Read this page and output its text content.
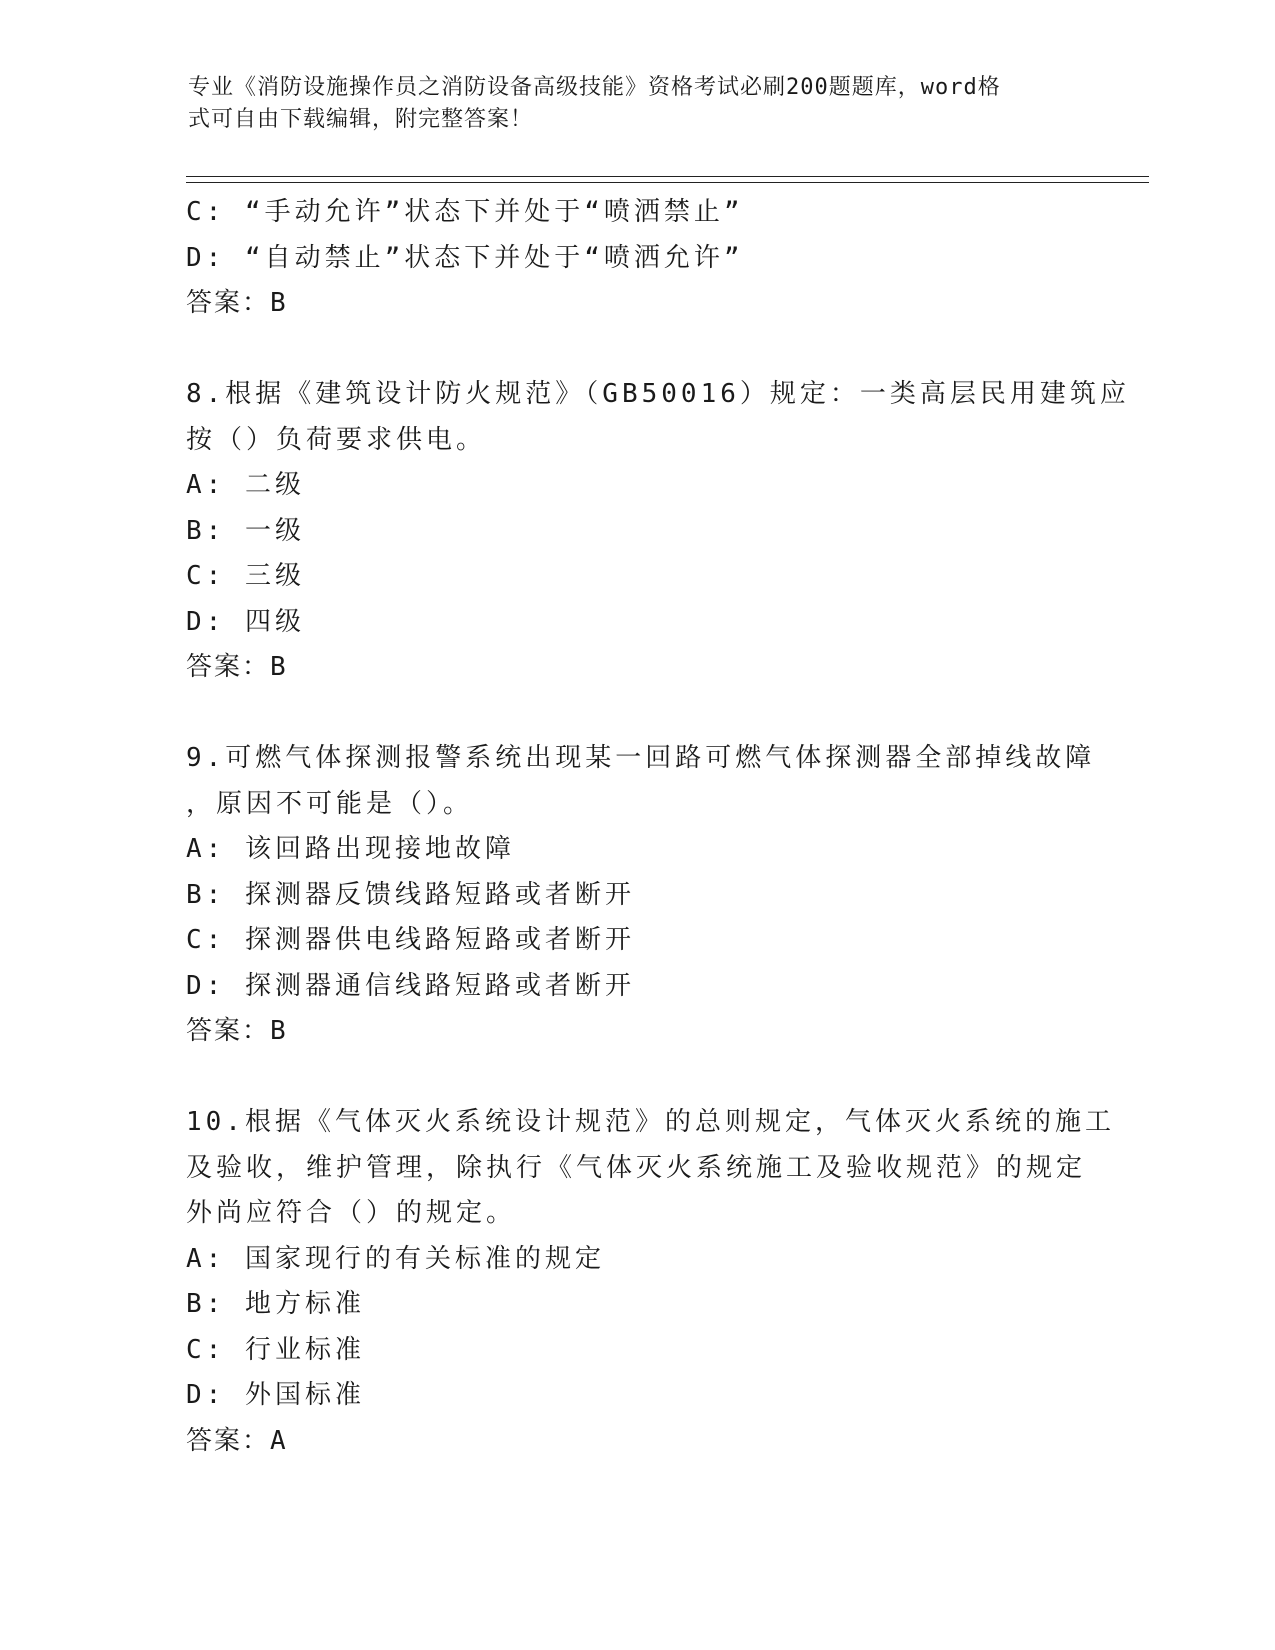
专业《消防设施操作员之消防设备高级技能》资格考试必刷200题题库，word格
式可自由下载编辑，附完整答案！
C: “手动允许”状态下并处于“喷洒禁止”
D: “自动禁止”状态下并处于“喷洒允许”
答案：B
8.根据《建筑设计防火规范》（GB50016）规定：一类高层民用建筑应
按（）负荷要求供电。
A: 二级
B: 一级
C: 三级
D: 四级
答案：B
9.可燃气体探测报警系统出现某一回路可燃气体探测器全部掉线故障
，原因不可能是（）。
A: 该回路出现接地故障
B: 探测器反馈线路短路或者断开
C: 探测器供电线路短路或者断开
D: 探测器通信线路短路或者断开
答案：B
10.根据《气体灭火系统设计规范》的总则规定，气体灭火系统的施工
及验收，维护管理，除执行《气体灭火系统施工及验收规范》的规定
外尚应符合（）的规定。
A: 国家现行的有关标准的规定
B: 地方标准
C: 行业标准
D: 外国标准
答案：A
